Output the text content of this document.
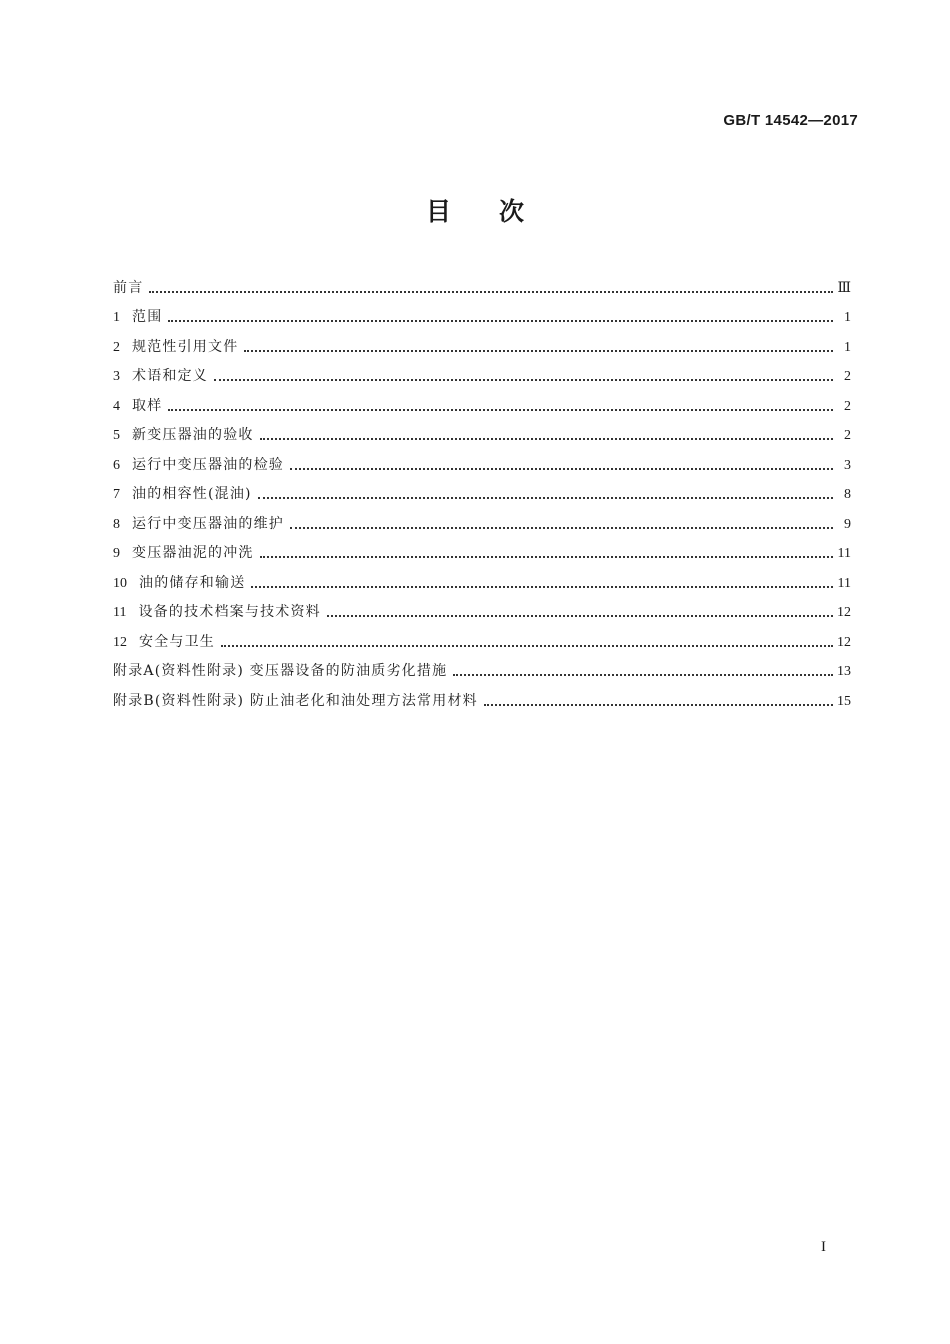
GB/T 14542—2017
目次
前言	Ⅲ
1 范围	1
2 规范性引用文件	1
3 术语和定义	2
4 取样	2
5 新变压器油的验收	2
6 运行中变压器油的检验	3
7 油的相容性(混油)	8
8 运行中变压器油的维护	9
9 变压器油泥的冲洗	11
10 油的储存和输送	11
11 设备的技术档案与技术资料	12
12 安全与卫生	12
附录A(资料性附录) 变压器设备的防油质劣化措施	13
附录B(资料性附录) 防止油老化和油处理方法常用材料	15
I
